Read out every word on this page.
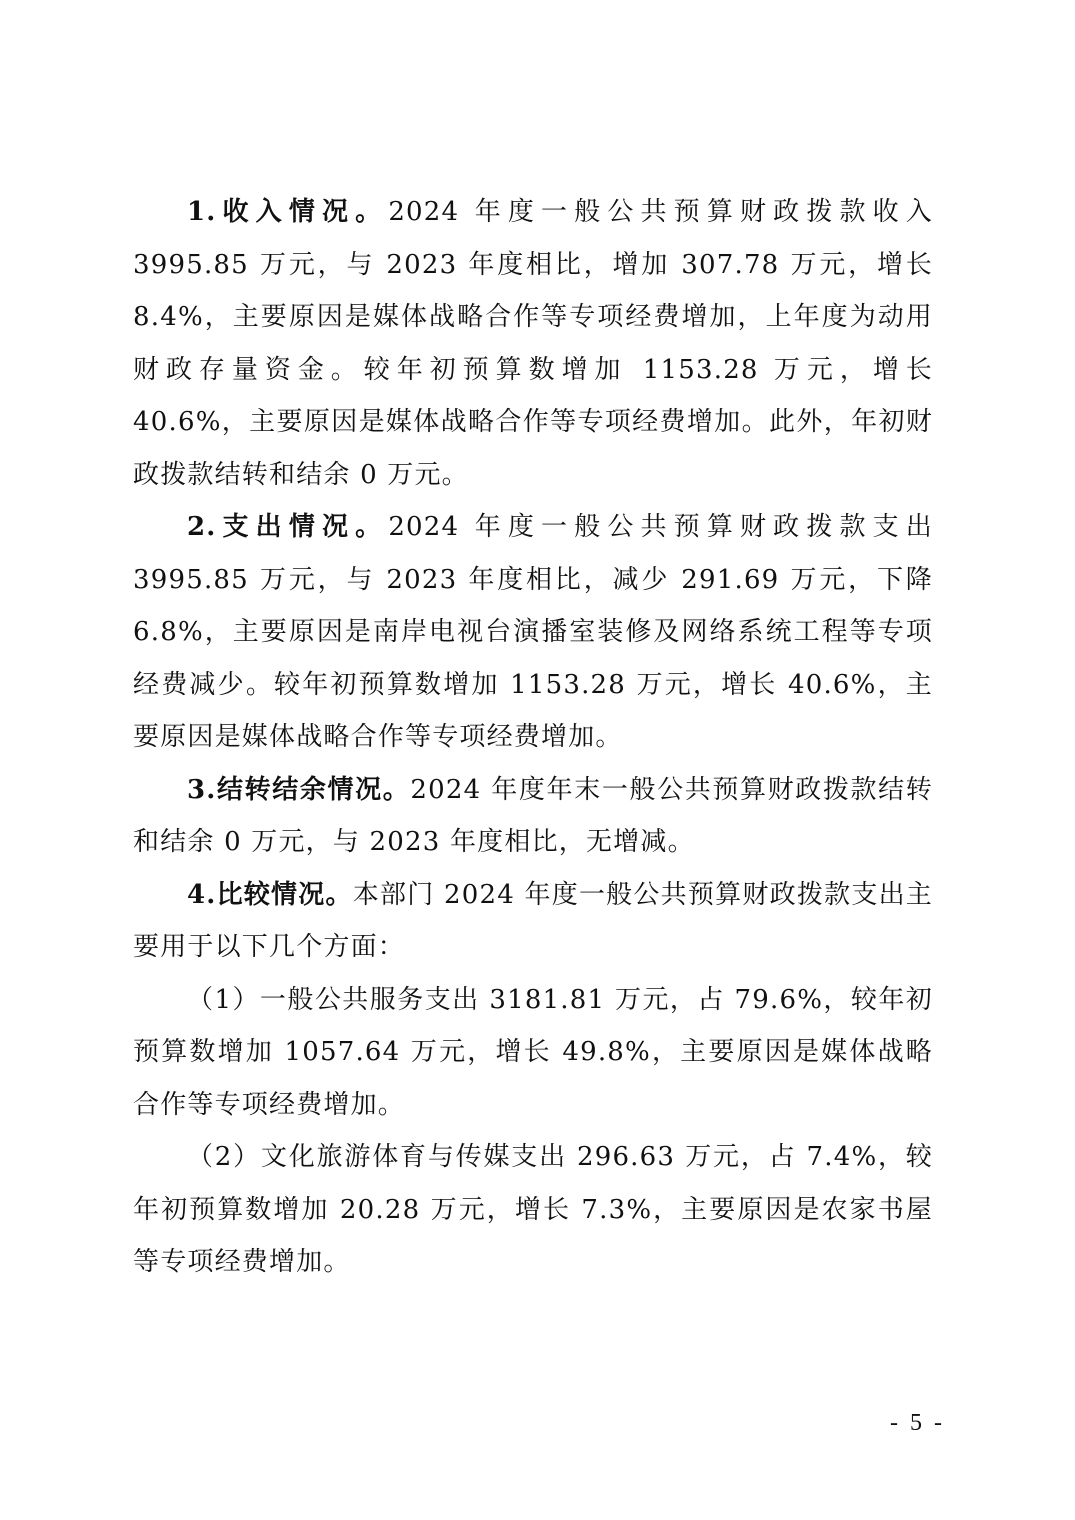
1.收入情况。2024 年度一般公共预算财政拨款收入 3995.85 万元，与 2023 年度相比，增加 307.78 万元，增长 8.4%，主要原因是媒体战略合作等专项经费增加，上年度为动用财政存量资金。较年初预算数增加 1153.28 万元，增长 40.6%，主要原因是媒体战略合作等专项经费增加。此外，年初财政拨款结转和结余 0 万元。

2.支出情况。2024 年度一般公共预算财政拨款支出 3995.85 万元，与 2023 年度相比，减少 291.69 万元，下降 6.8%，主要原因是南岸电视台演播室装修及网络系统工程等专项经费减少。较年初预算数增加 1153.28 万元，增长 40.6%，主要原因是媒体战略合作等专项经费增加。

3.结转结余情况。2024 年度年末一般公共预算财政拨款结转和结余 0 万元，与 2023 年度相比，无增减。

4.比较情况。本部门 2024 年度一般公共预算财政拨款支出主要用于以下几个方面：

（1）一般公共服务支出 3181.81 万元，占 79.6%，较年初预算数增加 1057.64 万元，增长 49.8%，主要原因是媒体战略合作等专项经费增加。

（2）文化旅游体育与传媒支出 296.63 万元，占 7.4%，较年初预算数增加 20.28 万元，增长 7.3%，主要原因是农家书屋等专项经费增加。

- 5 -
